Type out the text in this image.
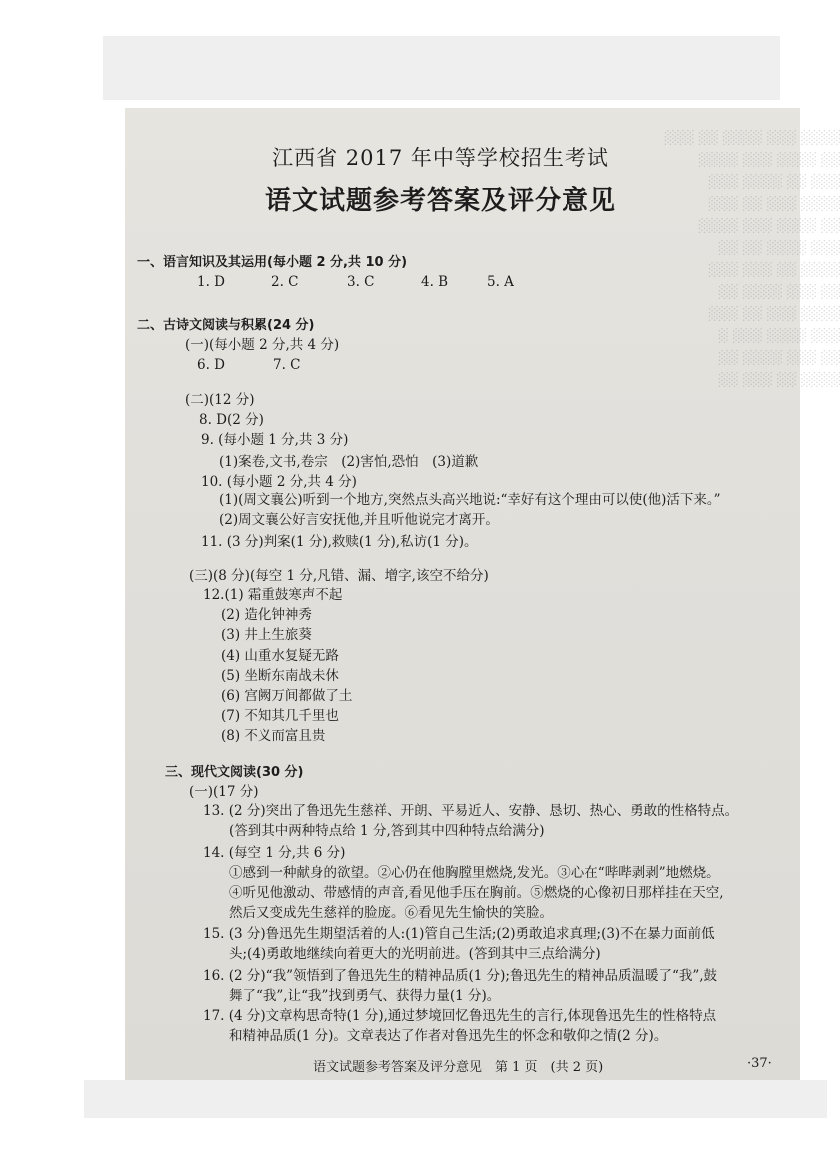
░░░░ ░░░ ░░░░ ░░ ░░░
░░ ░░░░ ░░░ ░░░░
░░░ ░░ ░░░░ ░░░
░░░░ ░░░ ░░ ░░░
░░ ░░░░ ░░░ ░░░░
░░░ ░░░░ ░░ ░░
░░░░ ░░ ░░░ ░░░
░░ ░░░ ░░░░ ░░
░░░░ ░░░ ░░ ░░░
░░░ ░░░░ ░░░ ░
░░ ░░░ ░░░░ ░░
░░░░ ░░ ░░░ ░░
江西省 2017 年中等学校招生考试
语文试题参考答案及评分意见
一、语言知识及其运用(每小题 2 分,共 10 分)
1. D	2. C	3. C	4. B	5. A
二、古诗文阅读与积累(24 分)
(一)(每小题 2 分,共 4 分)
6. D	7. C
(二)(12 分)
8. D(2 分)
9. (每小题 1 分,共 3 分)
(1)案卷,文书,卷宗　(2)害怕,恐怕　(3)道歉
10. (每小题 2 分,共 4 分)
(1)(周文襄公)听到一个地方,突然点头高兴地说:“幸好有这个理由可以使(他)活下来。”
(2)周文襄公好言安抚他,并且听他说完才离开。
11. (3 分)判案(1 分),救赎(1 分),私访(1 分)。
(三)(8 分)(每空 1 分,凡错、漏、增字,该空不给分)
12.(1) 霜重鼓寒声不起
(2) 造化钟神秀
(3) 井上生旅葵
(4) 山重水复疑无路
(5) 坐断东南战未休
(6) 宫阙万间都做了土
(7) 不知其几千里也
(8) 不义而富且贵
三、现代文阅读(30 分)
(一)(17 分)
13. (2 分)突出了鲁迅先生慈祥、开朗、平易近人、安静、恳切、热心、勇敢的性格特点。
(答到其中两种特点给 1 分,答到其中四种特点给满分)
14. (每空 1 分,共 6 分)
①感到一种献身的欲望。②心仍在他胸膛里燃烧,发光。③心在“哔哔剥剥”地燃烧。
④听见他激动、带感情的声音,看见他手压在胸前。⑤燃烧的心像初日那样挂在天空,
然后又变成先生慈祥的脸庞。⑥看见先生愉快的笑脸。
15. (3 分)鲁迅先生期望活着的人:(1)管自己生活;(2)勇敢追求真理;(3)不在暴力面前低
头;(4)勇敢地继续向着更大的光明前进。(答到其中三点给满分)
16. (2 分)“我”领悟到了鲁迅先生的精神品质(1 分);鲁迅先生的精神品质温暖了“我”,鼓
舞了“我”,让“我”找到勇气、获得力量(1 分)。
17. (4 分)文章构思奇特(1 分),通过梦境回忆鲁迅先生的言行,体现鲁迅先生的性格特点
和精神品质(1 分)。文章表达了作者对鲁迅先生的怀念和敬仰之情(2 分)。
语文试题参考答案及评分意见　第 1 页　(共 2 页)	·37·
